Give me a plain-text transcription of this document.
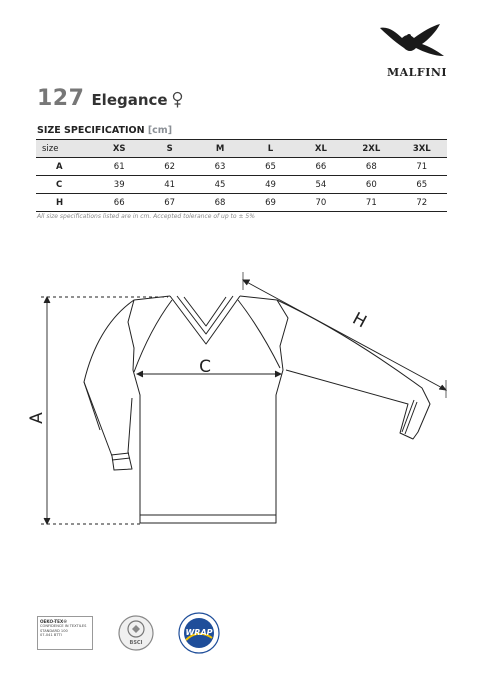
MALFINI
127 Elegance
SIZE SPECIFICATION [cm]
size	XS	S	M	L	XL	2XL	3XL
A	61	62	63	65	66	68	71
C	39	41	45	49	54	60	65
H	66	67	68	69	70	71	72
All size specifications listed are in cm. Accepted tolerance of up to ± 5%
A
C
H
OEKO-TEX®
CONFIDENCE IN TEXTILES
STANDARD 100
07-041 BTTI
BSCI
WRAP
